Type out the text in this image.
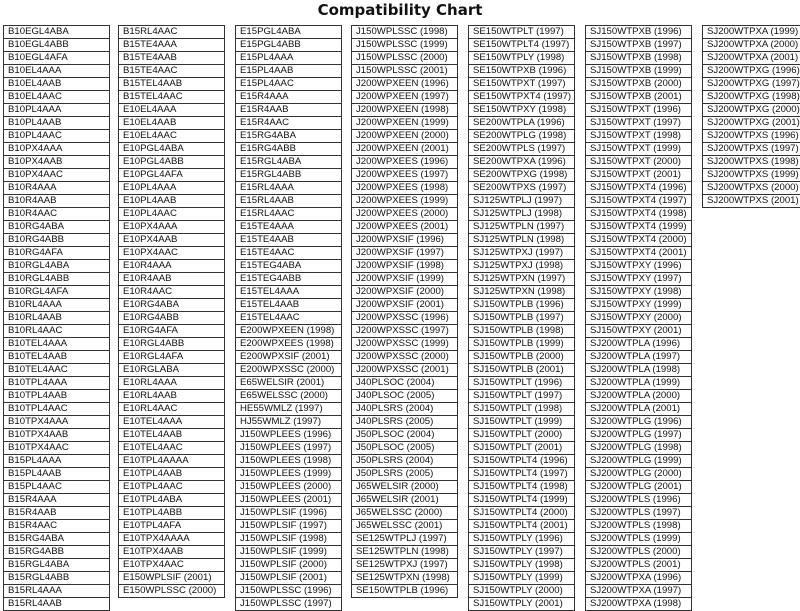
Compatibility Chart
B10EGL4ABA
B10EGL4ABB
B10EGL4AFA
B10EL4AAA
B10EL4AAB
B10EL4AAC
B10PL4AAA
B10PL4AAB
B10PL4AAC
B10PX4AAA
B10PX4AAB
B10PX4AAC
B10R4AAA
B10R4AAB
B10R4AAC
B10RG4ABA
B10RG4ABB
B10RG4AFA
B10RGL4ABA
B10RGL4ABB
B10RGL4AFA
B10RL4AAA
B10RL4AAB
B10RL4AAC
B10TEL4AAA
B10TEL4AAB
B10TEL4AAC
B10TPL4AAA
B10TPL4AAB
B10TPL4AAC
B10TPX4AAA
B10TPX4AAB
B10TPX4AAC
B15PL4AAA
B15PL4AAB
B15PL4AAC
B15R4AAA
B15R4AAB
B15R4AAC
B15RG4ABA
B15RG4ABB
B15RGL4ABA
B15RGL4ABB
B15RL4AAA
B15RL4AAB
B15RL4AAC
B15TE4AAA
B15TE4AAB
B15TE4AAC
B15TEL4AAB
B15TEL4AAC
E10EL4AAA
E10EL4AAB
E10EL4AAC
E10PGL4ABA
E10PGL4ABB
E10PGL4AFA
E10PL4AAA
E10PL4AAB
E10PL4AAC
E10PX4AAA
E10PX4AAB
E10PX4AAC
E10R4AAA
E10R4AAB
E10R4AAC
E10RG4ABA
E10RG4ABB
E10RG4AFA
E10RGL4ABB
E10RGL4AFA
E10RGLABA
E10RL4AAA
E10RL4AAB
E10RL4AAC
E10TEL4AAA
E10TEL4AAB
E10TEL4AAC
E10TPL4AAAA
E10TPL4AAB
E10TPL4AAC
E10TPL4ABA
E10TPL4ABB
E10TPL4AFA
E10TPX4AAAA
E10TPX4AAB
E10TPX4AAC
E150WPLSIF (2001)
E150WPLSSC (2000)
E15PGL4ABA
E15PGL4ABB
E15PL4AAA
E15PL4AAB
E15PL4AAC
E15R4AAA
E15R4AAB
E15R4AAC
E15RG4ABA
E15RG4ABB
E15RGL4ABA
E15RGL4ABB
E15RL4AAA
E15RL4AAB
E15RL4AAC
E15TE4AAA
E15TE4AAB
E15TE4AAC
E15TEG4ABA
E15TEG4ABB
E15TEL4AAA
E15TEL4AAB
E15TEL4AAC
E200WPXEEN (1998)
E200WPXEES (1998)
E200WPXSIF (2001)
E200WPXSSC (2000)
E65WELSIR (2001)
E65WELSSC (2000)
HE55WMLZ (1997)
HJ55WMLZ (1997)
J150WPLEES (1996)
J150WPLEES (1997)
J150WPLEES (1998)
J150WPLEES (1999)
J150WPLEES (2000)
J150WPLEES (2001)
J150WPLSIF (1996)
J150WPLSIF (1997)
J150WPLSIF (1998)
J150WPLSIF (1999)
J150WPLSIF (2000)
J150WPLSIF (2001)
J150WPLSSC (1996)
J150WPLSSC (1997)
J150WPLSSC (1998)
J150WPLSSC (1999)
J150WPLSSC (2000)
J150WPLSSC (2001)
J200WPXEEN (1996)
J200WPXEEN (1997)
J200WPXEEN (1998)
J200WPXEEN (1999)
J200WPXEEN (2000)
J200WPXEEN (2001)
J200WPXEES (1996)
J200WPXEES (1997)
J200WPXEES (1998)
J200WPXEES (1999)
J200WPXEES (2000)
J200WPXEES (2001)
J200WPXSIF (1996)
J200WPXSIF (1997)
J200WPXSIF (1998)
J200WPXSIF (1999)
J200WPXSIF (2000)
J200WPXSIF (2001)
J200WPXSSC (1996)
J200WPXSSC (1997)
J200WPXSSC (1999)
J200WPXSSC (2000)
J200WPXSSC (2001)
J40PLSOC (2004)
J40PLSOC (2005)
J40PLSRS (2004)
J40PLSRS (2005)
J50PLSOC (2004)
J50PLSOC (2005)
J50PLSRS (2004)
J50PLSRS (2005)
J65WELSIR (2000)
J65WELSIR (2001)
J65WELSSC (2000)
J65WELSSC (2001)
SE125WTPLJ (1997)
SE125WTPLN (1998)
SE125WTPXJ (1997)
SE125WTPXN (1998)
SE150WTPLB (1996)
SE150WTPLT (1997)
SE150WTPLT4 (1997)
SE150WTPLY (1998)
SE150WTPXB (1996)
SE150WTPXT (1997)
SE150WTPXT4 (1997)
SE150WTPXY (1998)
SE200WTPLA (1996)
SE200WTPLG (1998)
SE200WTPLS (1997)
SE200WTPXA (1996)
SE200WTPXG (1998)
SE200WTPXS (1997)
SJ125WTPLJ (1997)
SJ125WTPLJ (1998)
SJ125WTPLN (1997)
SJ125WTPLN (1998)
SJ125WTPXJ (1997)
SJ125WTPXJ (1998)
SJ125WTPXN (1997)
SJ125WTPXN (1998)
SJ150WTPLB (1996)
SJ150WTPLB (1997)
SJ150WTPLB (1998)
SJ150WTPLB (1999)
SJ150WTPLB (2000)
SJ150WTPLB (2001)
SJ150WTPLT (1996)
SJ150WTPLT (1997)
SJ150WTPLT (1998)
SJ150WTPLT (1999)
SJ150WTPLT (2000)
SJ150WTPLT (2001)
SJ150WTPLT4 (1996)
SJ150WTPLT4 (1997)
SJ150WTPLT4 (1998)
SJ150WTPLT4 (1999)
SJ150WTPLT4 (2000)
SJ150WTPLT4 (2001)
SJ150WTPLY (1996)
SJ150WTPLY (1997)
SJ150WTPLY (1998)
SJ150WTPLY (1999)
SJ150WTPLY (2000)
SJ150WTPLY (2001)
SJ150WTPXB (1996)
SJ150WTPXB (1997)
SJ150WTPXB (1998)
SJ150WTPXB (1999)
SJ150WTPXB (2000)
SJ150WTPXB (2001)
SJ150WTPXT (1996)
SJ150WTPXT (1997)
SJ150WTPXT (1998)
SJ150WTPXT (1999)
SJ150WTPXT (2000)
SJ150WTPXT (2001)
SJ150WTPXT4 (1996)
SJ150WTPXT4 (1997)
SJ150WTPXT4 (1998)
SJ150WTPXT4 (1999)
SJ150WTPXT4 (2000)
SJ150WTPXT4 (2001)
SJ150WTPXY (1996)
SJ150WTPXY (1997)
SJ150WTPXY (1998)
SJ150WTPXY (1999)
SJ150WTPXY (2000)
SJ150WTPXY (2001)
SJ200WTPLA (1996)
SJ200WTPLA (1997)
SJ200WTPLA (1998)
SJ200WTPLA (1999)
SJ200WTPLA (2000)
SJ200WTPLA (2001)
SJ200WTPLG (1996)
SJ200WTPLG (1997)
SJ200WTPLG (1998)
SJ200WTPLG (1999)
SJ200WTPLG (2000)
SJ200WTPLG (2001)
SJ200WTPLS (1996)
SJ200WTPLS (1997)
SJ200WTPLS (1998)
SJ200WTPLS (1999)
SJ200WTPLS (2000)
SJ200WTPLS (2001)
SJ200WTPXA (1996)
SJ200WTPXA (1997)
SJ200WTPXA (1998)
SJ200WTPXA (1999)
SJ200WTPXA (2000)
SJ200WTPXA (2001)
SJ200WTPXG (1996)
SJ200WTPXG (1997)
SJ200WTPXG (1998)
SJ200WTPXG (2000)
SJ200WTPXG (2001)
SJ200WTPXS (1996)
SJ200WTPXS (1997)
SJ200WTPXS (1998)
SJ200WTPXS (1999)
SJ200WTPXS (2000)
SJ200WTPXS (2001)
